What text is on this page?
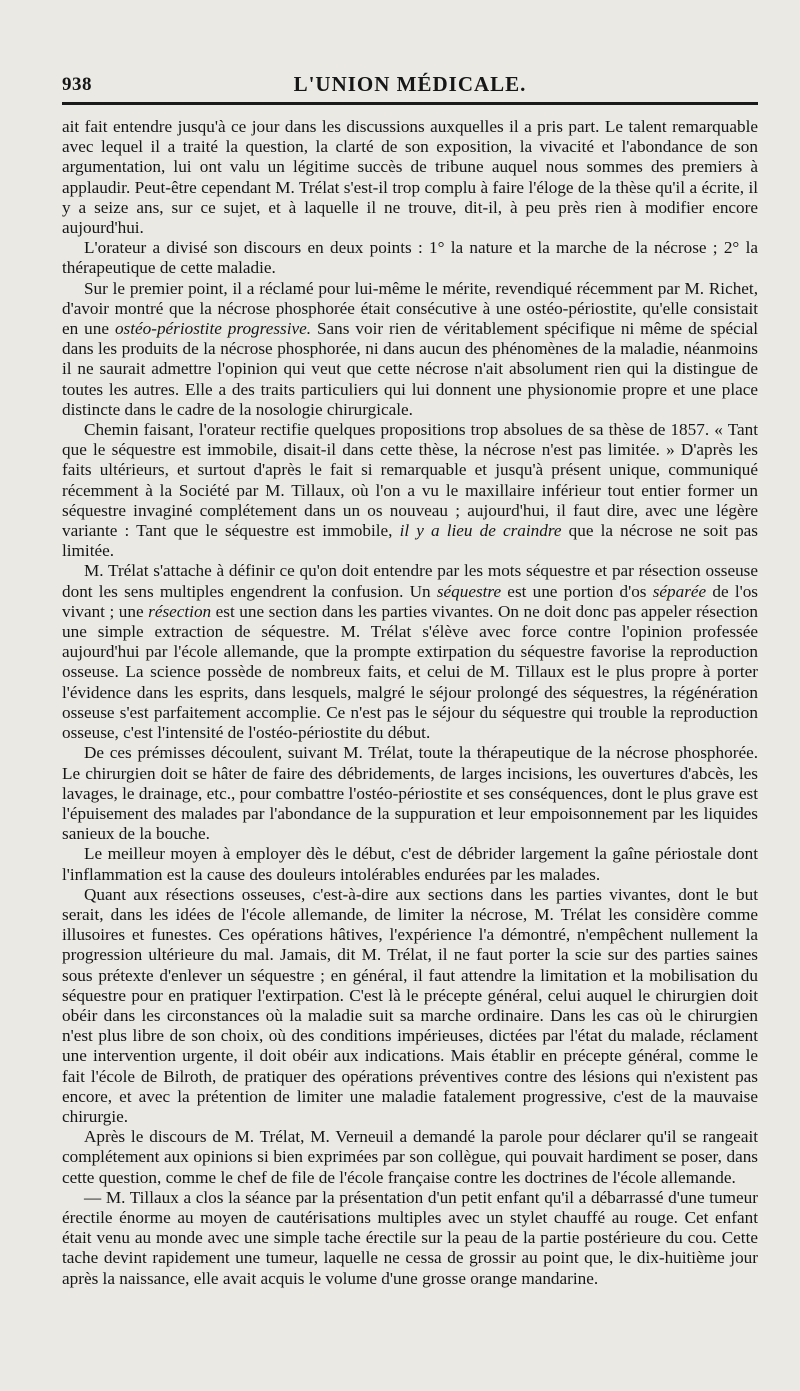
938	L'UNION MÉDICALE.

ait fait entendre jusqu'à ce jour dans les discussions auxquelles il a pris part. Le talent remarquable avec lequel il a traité la question, la clarté de son exposition, la vivacité et l'abondance de son argumentation, lui ont valu un légitime succès de tribune auquel nous sommes des premiers à applaudir. Peut-être cependant M. Trélat s'est-il trop complu à faire l'éloge de la thèse qu'il a écrite, il y a seize ans, sur ce sujet, et à laquelle il ne trouve, dit-il, à peu près rien à modifier encore aujourd'hui.

L'orateur a divisé son discours en deux points : 1° la nature et la marche de la nécrose ; 2° la thérapeutique de cette maladie.

Sur le premier point, il a réclamé pour lui-même le mérite, revendiqué récemment par M. Richet, d'avoir montré que la nécrose phosphorée était consécutive à une ostéo-périostite, qu'elle consistait en une ostéo-périostite progressive. Sans voir rien de véritablement spécifique ni même de spécial dans les produits de la nécrose phosphorée, ni dans aucun des phénomènes de la maladie, néanmoins il ne saurait admettre l'opinion qui veut que cette nécrose n'ait absolument rien qui la distingue de toutes les autres. Elle a des traits particuliers qui lui donnent une physionomie propre et une place distincte dans le cadre de la nosologie chirurgicale.

Chemin faisant, l'orateur rectifie quelques propositions trop absolues de sa thèse de 1857. « Tant que le séquestre est immobile, disait-il dans cette thèse, la nécrose n'est pas limitée. » D'après les faits ultérieurs, et surtout d'après le fait si remarquable et jusqu'à présent unique, communiqué récemment à la Société par M. Tillaux, où l'on a vu le maxillaire inférieur tout entier former un séquestre invaginé complétement dans un os nouveau ; aujourd'hui, il faut dire, avec une légère variante : Tant que le séquestre est immobile, il y a lieu de craindre que la nécrose ne soit pas limitée.

M. Trélat s'attache à définir ce qu'on doit entendre par les mots séquestre et par résection osseuse dont les sens multiples engendrent la confusion. Un séquestre est une portion d'os séparée de l'os vivant ; une résection est une section dans les parties vivantes. On ne doit donc pas appeler résection une simple extraction de séquestre. M. Trélat s'élève avec force contre l'opinion professée aujourd'hui par l'école allemande, que la prompte extirpation du séquestre favorise la reproduction osseuse. La science possède de nombreux faits, et celui de M. Tillaux est le plus propre à porter l'évidence dans les esprits, dans lesquels, malgré le séjour prolongé des séquestres, la régénération osseuse s'est parfaitement accomplie. Ce n'est pas le séjour du séquestre qui trouble la reproduction osseuse, c'est l'intensité de l'ostéo-périostite du début.

De ces prémisses découlent, suivant M. Trélat, toute la thérapeutique de la nécrose phosphorée. Le chirurgien doit se hâter de faire des débridements, de larges incisions, les ouvertures d'abcès, les lavages, le drainage, etc., pour combattre l'ostéo-périostite et ses conséquences, dont le plus grave est l'épuisement des malades par l'abondance de la suppuration et leur empoisonnement par les liquides sanieux de la bouche.

Le meilleur moyen à employer dès le début, c'est de débrider largement la gaîne périostale dont l'inflammation est la cause des douleurs intolérables endurées par les malades.

Quant aux résections osseuses, c'est-à-dire aux sections dans les parties vivantes, dont le but serait, dans les idées de l'école allemande, de limiter la nécrose, M. Trélat les considère comme illusoires et funestes. Ces opérations hâtives, l'expérience l'a démontré, n'empêchent nullement la progression ultérieure du mal. Jamais, dit M. Trélat, il ne faut porter la scie sur des parties saines sous prétexte d'enlever un séquestre ; en général, il faut attendre la limitation et la mobilisation du séquestre pour en pratiquer l'extirpation. C'est là le précepte général, celui auquel le chirurgien doit obéir dans les circonstances où la maladie suit sa marche ordinaire. Dans les cas où le chirurgien n'est plus libre de son choix, où des conditions impérieuses, dictées par l'état du malade, réclament une intervention urgente, il doit obéir aux indications. Mais établir en précepte général, comme le fait l'école de Bilroth, de pratiquer des opérations préventives contre des lésions qui n'existent pas encore, et avec la prétention de limiter une maladie fatalement progressive, c'est de la mauvaise chirurgie.

Après le discours de M. Trélat, M. Verneuil a demandé la parole pour déclarer qu'il se rangeait complétement aux opinions si bien exprimées par son collègue, qui pouvait hardiment se poser, dans cette question, comme le chef de file de l'école française contre les doctrines de l'école allemande.

— M. Tillaux a clos la séance par la présentation d'un petit enfant qu'il a débarrassé d'une tumeur érectile énorme au moyen de cautérisations multiples avec un stylet chauffé au rouge. Cet enfant était venu au monde avec une simple tache érectile sur la peau de la partie postérieure du cou. Cette tache devint rapidement une tumeur, laquelle ne cessa de grossir au point que, le dix-huitième jour après la naissance, elle avait acquis le volume d'une grosse orange mandarine.
